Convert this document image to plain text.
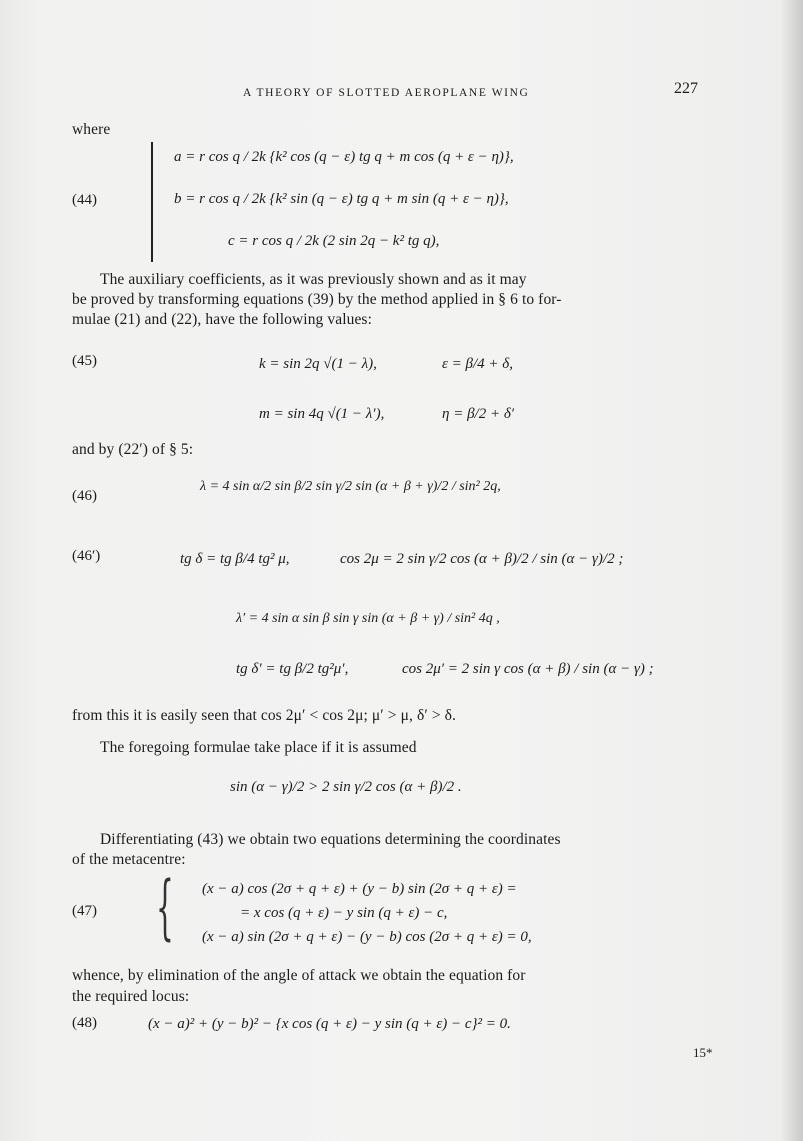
A THEORY OF SLOTTED AEROPLANE WING	227
where
(44)
a = r cos q / 2k {k² cos (q − ε) tg q + m cos (q + ε − η)},
b = r cos q / 2k {k² sin (q − ε) tg q + m sin (q + ε − η)},
c = r cos q / 2k (2 sin 2q − k² tg q),
The auxiliary coefficients, as it was previously shown and as it may
be proved by transforming equations (39) by the method applied in § 6 to for-
mulae (21) and (22), have the following values:
(45)	k = sin 2q √(1 − λ),	ε = β/4 + δ,
m = sin 4q √(1 − λ′),	η = β/2 + δ′
and by (22′) of § 5:
(46)
λ = 4 sin α/2 sin β/2 sin γ/2 sin (α + β + γ)/2 / sin² 2q,
(46′)	tg δ = tg β/4 tg² μ,	cos 2μ = 2 sin γ/2 cos (α + β)/2 / sin (α − γ)/2 ;
λ′ = 4 sin α sin β sin γ sin (α + β + γ) / sin² 4q ,
tg δ′ = tg β/2 tg²μ′,	cos 2μ′ = 2 sin γ cos (α + β) / sin (α − γ) ;
from this it is easily seen that cos 2μ′ < cos 2μ; μ′ > μ, δ′ > δ.
The foregoing formulae take place if it is assumed
sin (α − γ)/2 > 2 sin γ/2 cos (α + β)/2 .
Differentiating (43) we obtain two equations determining the coordinates
of the metacentre:
{
(47)
(x − a) cos (2σ + q + ε) + (y − b) sin (2σ + q + ε) =
= x cos (q + ε) − y sin (q + ε) − c,
(x − a) sin (2σ + q + ε) − (y − b) cos (2σ + q + ε) = 0,
whence, by elimination of the angle of attack we obtain the equation for
the required locus:
(48)	(x − a)² + (y − b)² − {x cos (q + ε) − y sin (q + ε) − c}² = 0.
15*
